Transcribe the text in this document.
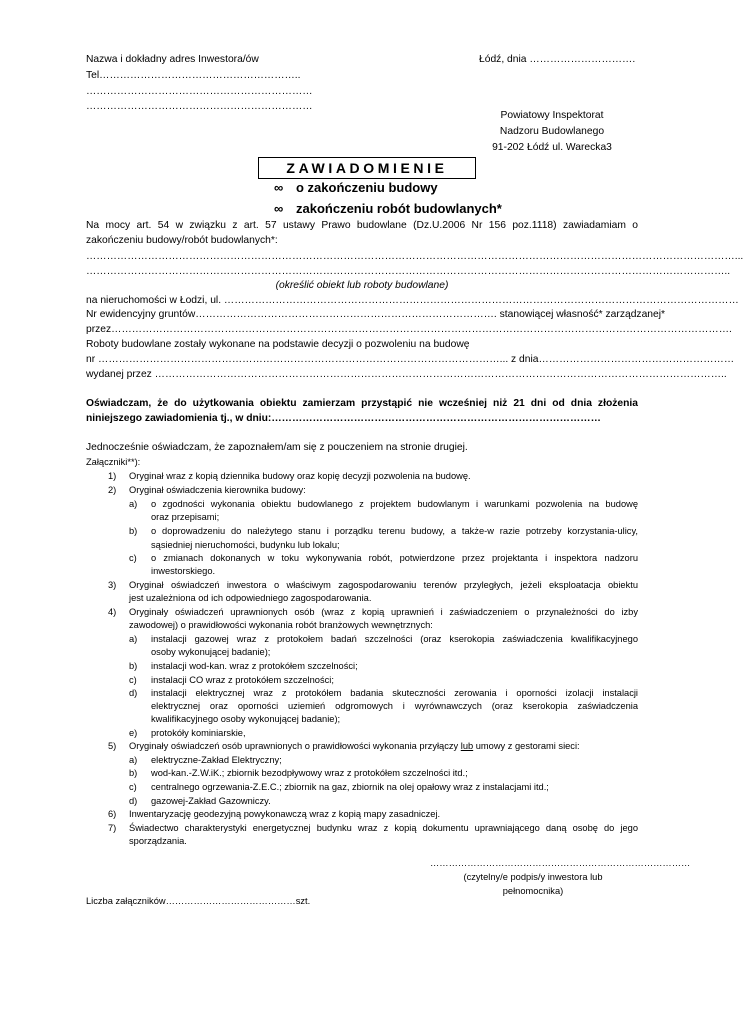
Nazwa i dokładny adres Inwestora/ów
Tel…………………………………………………..
…………………………………………………………
…………………………………………………………
Łódź, dnia ………………………….
Powiatowy Inspektorat
Nadzoru Budowlanego
91-202 Łódź ul. Warecka3
ZAWIADOMIENIE
∞ o zakończeniu budowy
∞ zakończeniu robót budowlanych*
Na mocy art. 54 w związku z art. 57 ustawy Prawo budowlane (Dz.U.2006 Nr 156 poz.1118) zawiadamiam o
zakończeniu budowy/robót budowlanych*:
………………………………………………………………………………………………………………………………………………………………………...
……………………………………………………………………………………………………………………………………………………………………..
(określić obiekt lub roboty budowlane)
na nieruchomości w Łodzi, ul. ……………………………………………………………………………………………………………………………………
Nr ewidencyjny gruntów……………………………………………………………………………. stanowiącej własność* zarządzanej*
przez……………………………………………………………………………………………………………………………………………………………….
Roboty budowlane zostały wykonane na podstawie decyzji o pozwoleniu na budowę
nr ………………………………………………………………………………………………………... z dnia…………………………………………………
wydanej przez …………………………………………………………………………………………………………………………………………………..
Oświadczam, że do użytkowania obiektu zamierzam przystąpić nie wcześniej niż 21 dni od dnia złożenia
niniejszego zawiadomienia tj., w dniu:……………………………………………………………………………………
Jednocześnie oświadczam, że zapoznałem/am się z pouczeniem na stronie drugiej.
Załączniki**):
1) Oryginał wraz z kopią dziennika budowy oraz kopię decyzji pozwolenia na budowę.
2) Oryginał oświadczenia kierownika budowy:
a) o zgodności wykonania obiektu budowlanego z projektem budowlanym i warunkami pozwolenia na budowę
oraz przepisami;
b) o doprowadzeniu do należytego stanu i porządku terenu budowy, a także-w razie potrzeby korzystania-ulicy,
sąsiedniej nieruchomości, budynku lub lokalu;
c) o zmianach dokonanych w toku wykonywania robót, potwierdzone przez projektanta i inspektora nadzoru
inwestorskiego.
3) Oryginał oświadczeń inwestora o właściwym zagospodarowaniu terenów przyległych, jeżeli eksploatacja obiektu
jest uzależniona od ich odpowiedniego zagospodarowania.
4) Oryginały oświadczeń uprawnionych osób (wraz z kopią uprawnień i zaświadczeniem o przynależności do izby
zawodowej) o prawidłowości wykonania robót branżowych wewnętrznych:
a) instalacji gazowej wraz z protokołem badań szczelności (oraz kserokopia zaświadczenia kwalifikacyjnego
osoby wykonującej badanie);
b) instalacji wod-kan. wraz z protokółem szczelności;
c) instalacji CO wraz z protokółem szczelności;
d) instalacji elektrycznej wraz z protokółem badania skuteczności zerowania i oporności izolacji instalacji
elektrycznej oraz oporności uziemień odgromowych i wyrównawczych (oraz kserokopia zaświadczenia
kwalifikacyjnego osoby wykonującej badanie);
e) protokóły kominiarskie,
5) Oryginały oświadczeń osób uprawnionych o prawidłowości wykonania przyłączy lub umowy z gestorami sieci:
a) elektryczne-Zakład Elektryczny;
b) wod-kan.-Z.W.iK.; zbiornik bezodpływowy wraz z protokółem szczelności itd.;
c) centralnego ogrzewania-Z.E.C.; zbiornik na gaz, zbiornik na olej opałowy wraz z instalacjami itd.;
d) gazowej-Zakład Gazowniczy.
6) Inwentaryzację geodezyjną powykonawczą wraz z kopią mapy zasadniczej.
7) Świadectwo charakterystyki energetycznej budynku wraz z kopią dokumentu uprawniającego daną osobę do jego
sporządzania.
…………………………………………………………………………
(czytelny/e podpis/y inwestora lub
pełnomocnika)
Liczba załączników……………………………………szt.
